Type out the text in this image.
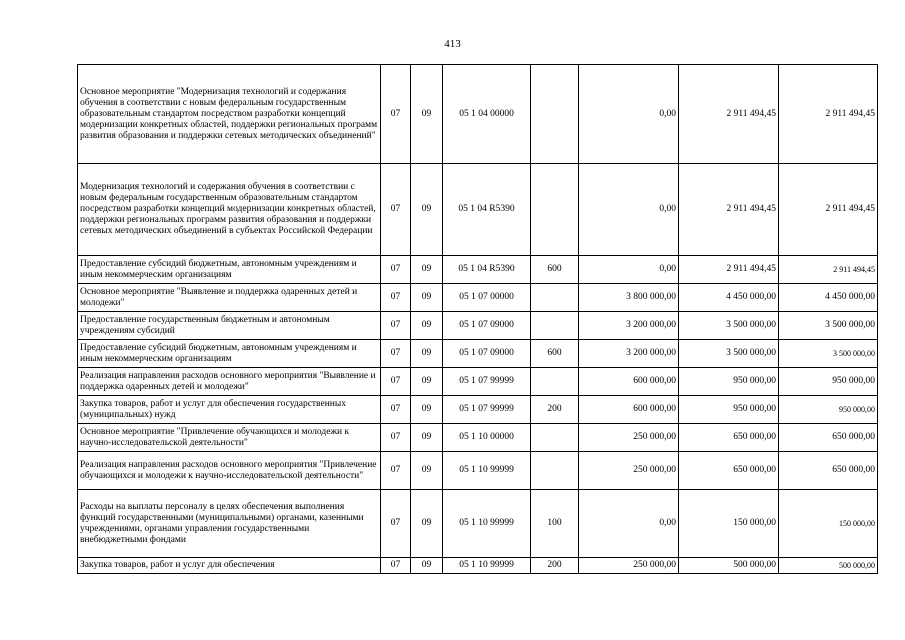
413
Основное мероприятие "Модернизация технологий и содержания обучения в соответствии с новым федеральным государственным образовательным стандартом посредством разработки концепций модернизации конкретных областей, поддержки региональных программ развития образования и поддержки сетевых методических объединений"	07	09	05 1 04 00000		0,00	2 911 494,45	2 911 494,45
Модернизация технологий и содержания обучения в соответствии с новым федеральным государственным образовательным стандартом посредством разработки концепций модернизации конкретных областей, поддержки региональных программ развития образования и поддержки сетевых методических объединений в субъектах Российской Федерации	07	09	05 1 04 R5390		0,00	2 911 494,45	2 911 494,45
Предоставление субсидий бюджетным, автономным учреждениям и иным некоммерческим организациям	07	09	05 1 04 R5390	600	0,00	2 911 494,45	2 911 494,45
Основное мероприятие "Выявление и поддержка одаренных детей и молодежи"	07	09	05 1 07 00000		3 800 000,00	4 450 000,00	4 450 000,00
Предоставление государственным бюджетным и автономным учреждениям субсидий	07	09	05 1 07 09000		3 200 000,00	3 500 000,00	3 500 000,00
Предоставление субсидий бюджетным, автономным учреждениям и иным некоммерческим организациям	07	09	05 1 07 09000	600	3 200 000,00	3 500 000,00	3 500 000,00
Реализация направления расходов основного мероприятия "Выявление и поддержка одаренных детей и молодежи"	07	09	05 1 07 99999		600 000,00	950 000,00	950 000,00
Закупка товаров, работ и услуг для обеспечения государственных (муниципальных) нужд	07	09	05 1 07 99999	200	600 000,00	950 000,00	950 000,00
Основное мероприятие "Привлечение обучающихся и молодежи к научно-исследовательской деятельности"	07	09	05 1 10 00000		250 000,00	650 000,00	650 000,00
Реализация направления расходов основного мероприятия "Привлечение обучающихся и молодежи к научно-исследовательской деятельности"	07	09	05 1 10 99999		250 000,00	650 000,00	650 000,00
Расходы на выплаты персоналу в целях обеспечения выполнения функций государственными (муниципальными) органами, казенными учреждениями, органами управления государственными внебюджетными фондами	07	09	05 1 10 99999	100	0,00	150 000,00	150 000,00
Закупка товаров, работ и услуг для обеспечения	07	09	05 1 10 99999	200	250 000,00	500 000,00	500 000,00
